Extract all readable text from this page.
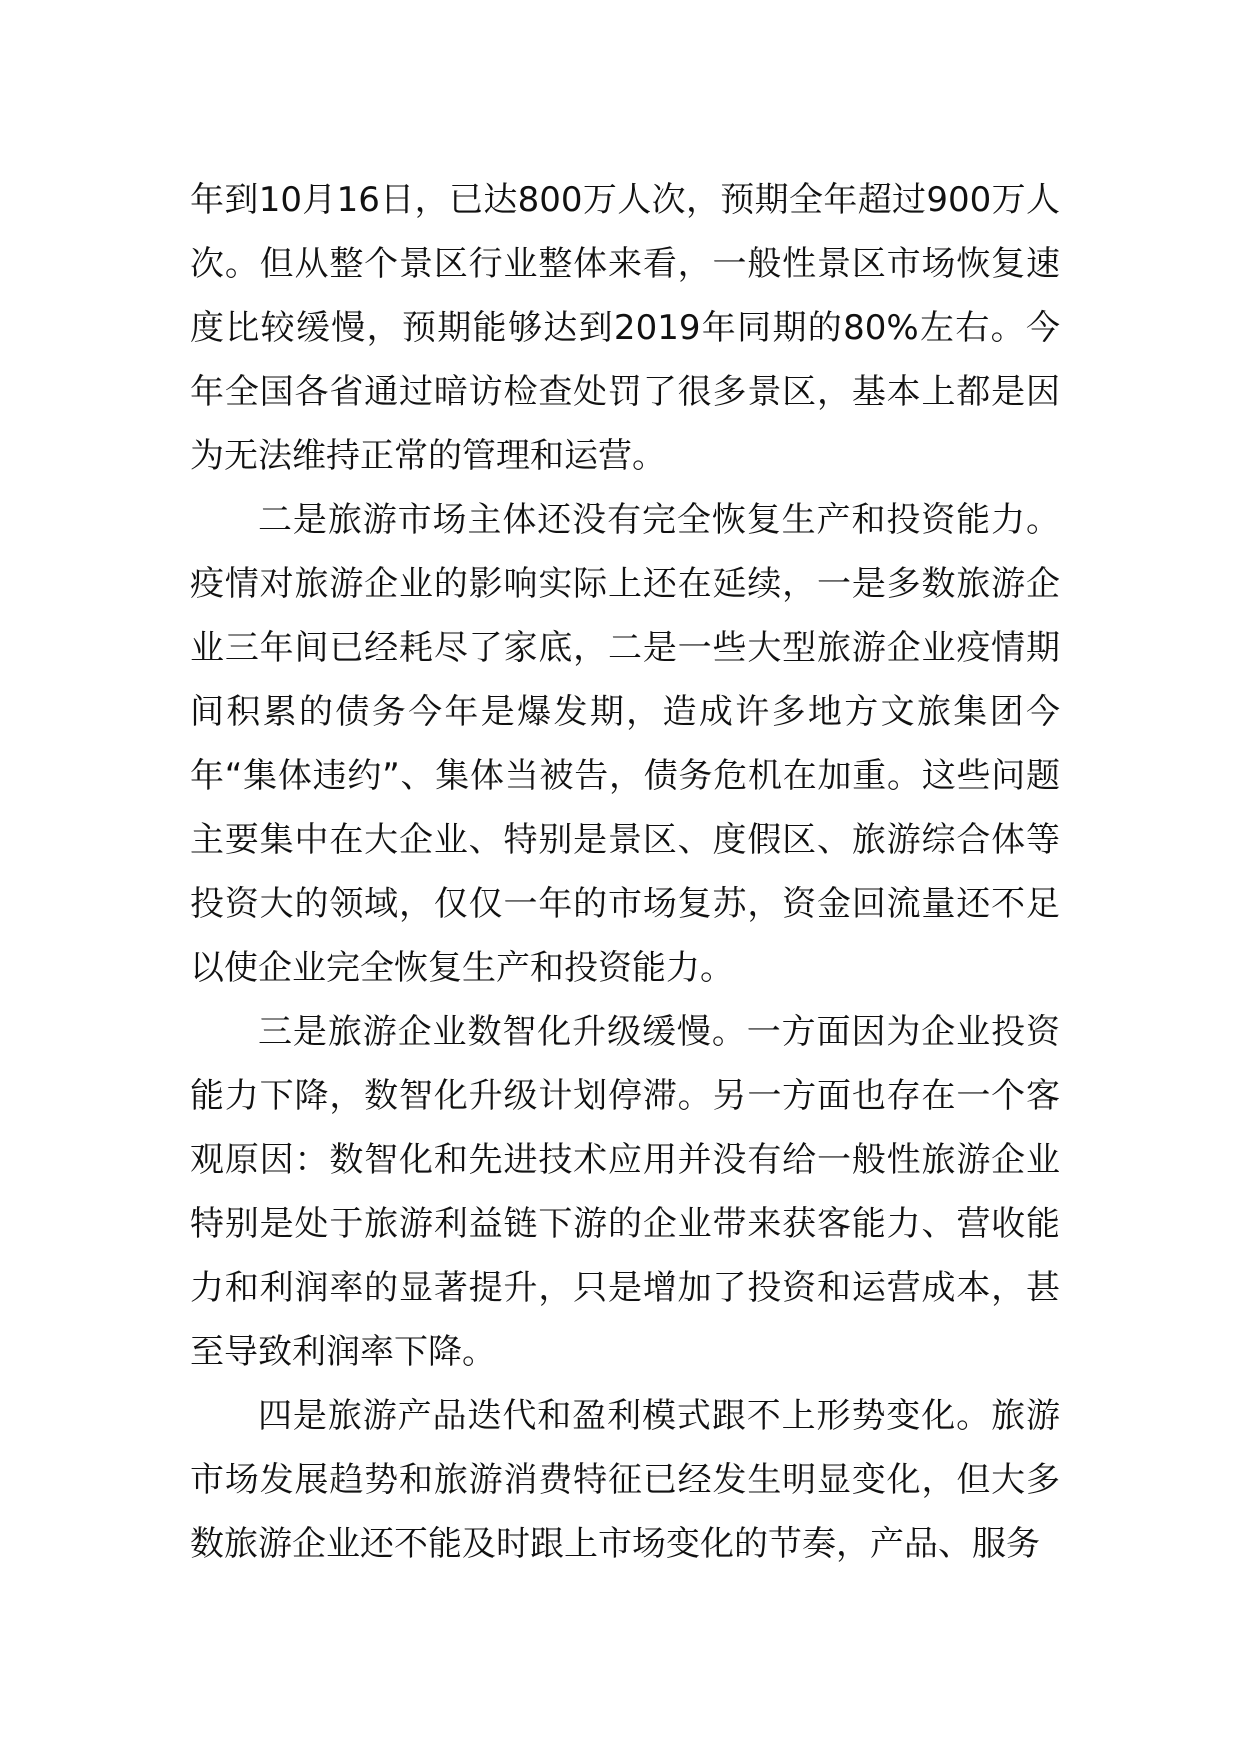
年到10月16日，已达800万人次，预期全年超过900万人次。但从整个景区行业整体来看，一般性景区市场恢复速度比较缓慢，预期能够达到2019年同期的80%左右。今年全国各省通过暗访检查处罚了很多景区，基本上都是因为无法维持正常的管理和运营。

二是旅游市场主体还没有完全恢复生产和投资能力。疫情对旅游企业的影响实际上还在延续，一是多数旅游企业三年间已经耗尽了家底，二是一些大型旅游企业疫情期间积累的债务今年是爆发期，造成许多地方文旅集团今年“集体违约”、集体当被告，债务危机在加重。这些问题主要集中在大企业、特别是景区、度假区、旅游综合体等投资大的领域，仅仅一年的市场复苏，资金回流量还不足以使企业完全恢复生产和投资能力。

三是旅游企业数智化升级缓慢。一方面因为企业投资能力下降，数智化升级计划停滞。另一方面也存在一个客观原因：数智化和先进技术应用并没有给一般性旅游企业特别是处于旅游利益链下游的企业带来获客能力、营收能力和利润率的显著提升，只是增加了投资和运营成本，甚至导致利润率下降。

四是旅游产品迭代和盈利模式跟不上形势变化。旅游市场发展趋势和旅游消费特征已经发生明显变化，但大多数旅游企业还不能及时跟上市场变化的节奏，产品、服务
